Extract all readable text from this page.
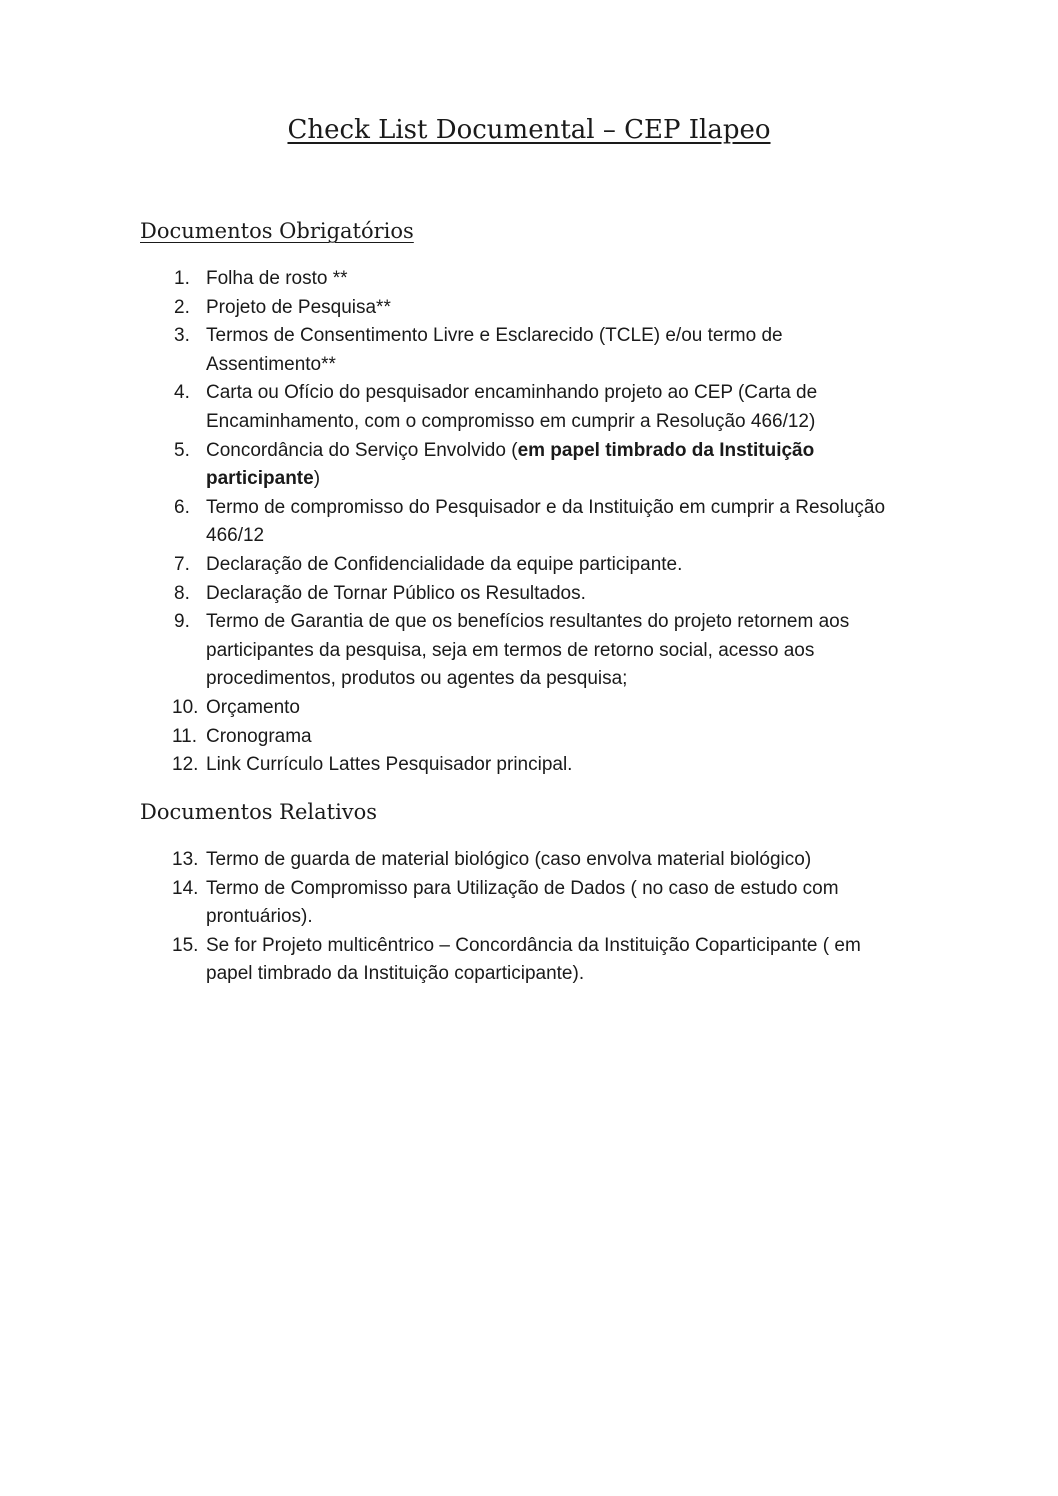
Check List Documental – CEP Ilapeo
Documentos Obrigatórios
1. Folha de rosto **
2. Projeto de Pesquisa**
3. Termos de Consentimento Livre e Esclarecido (TCLE) e/ou termo de Assentimento**
4. Carta ou Ofício do pesquisador encaminhando projeto ao CEP (Carta de Encaminhamento, com o compromisso em cumprir a Resolução 466/12)
5. Concordância do Serviço Envolvido (em papel timbrado da Instituição participante)
6. Termo de compromisso do Pesquisador e da Instituição em cumprir a Resolução 466/12
7. Declaração de Confidencialidade da equipe participante.
8. Declaração de Tornar Público os Resultados.
9. Termo de Garantia de que os benefícios resultantes do projeto retornem aos participantes da pesquisa, seja em termos de retorno social, acesso aos procedimentos, produtos ou agentes da pesquisa;
10. Orçamento
11. Cronograma
12. Link Currículo Lattes Pesquisador principal.
Documentos Relativos
13. Termo de guarda de material biológico (caso envolva material biológico)
14. Termo de Compromisso para Utilização de Dados ( no caso de estudo com prontuários).
15. Se for Projeto multicêntrico – Concordância da Instituição Coparticipante ( em papel timbrado da Instituição coparticipante).
